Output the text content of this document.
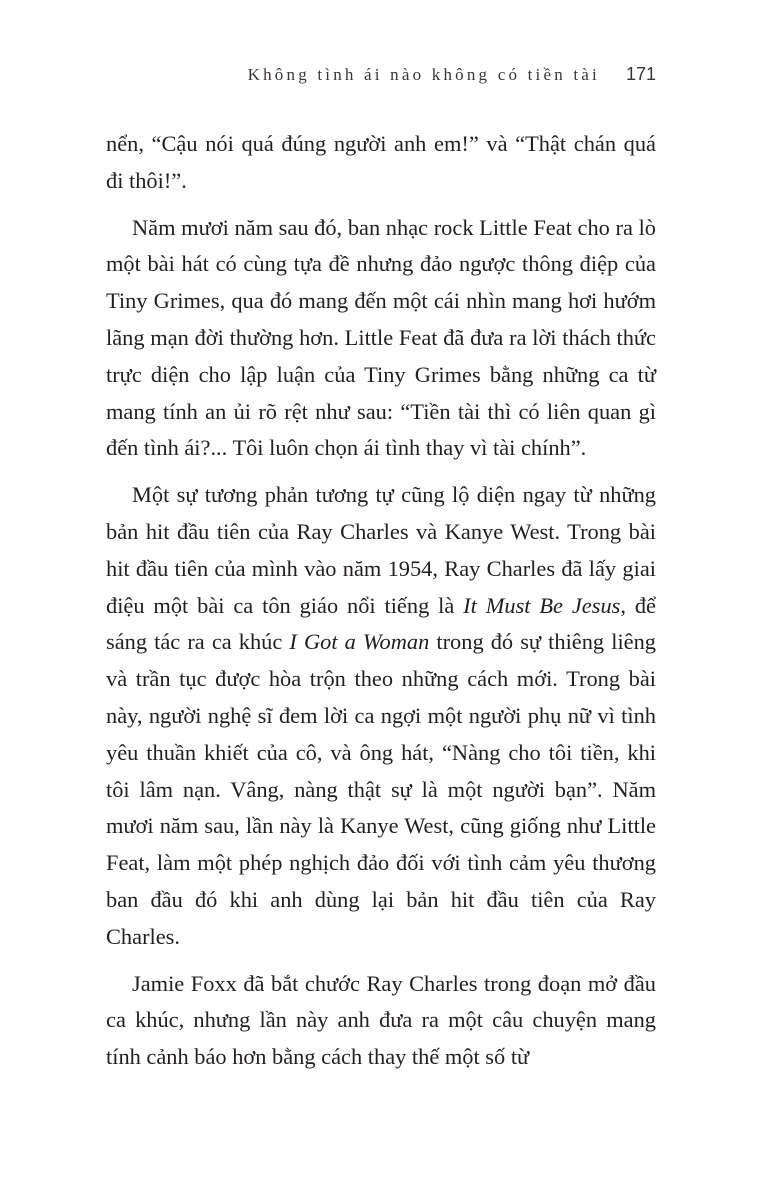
Không tình ái nào không có tiền tài 171

nển, “Cậu nói quá đúng người anh em!” và “Thật chán quá đi thôi!”.

Năm mươi năm sau đó, ban nhạc rock Little Feat cho ra lò một bài hát có cùng tựa đề nhưng đảo ngược thông điệp của Tiny Grimes, qua đó mang đến một cái nhìn mang hơi hướm lãng mạn đời thường hơn. Little Feat đã đưa ra lời thách thức trực diện cho lập luận của Tiny Grimes bằng những ca từ mang tính an ủi rõ rệt như sau: “Tiền tài thì có liên quan gì đến tình ái?... Tôi luôn chọn ái tình thay vì tài chính”.

Một sự tương phản tương tự cũng lộ diện ngay từ những bản hit đầu tiên của Ray Charles và Kanye West. Trong bài hit đầu tiên của mình vào năm 1954, Ray Charles đã lấy giai điệu một bài ca tôn giáo nổi tiếng là It Must Be Jesus, để sáng tác ra ca khúc I Got a Woman trong đó sự thiêng liêng và trần tục được hòa trộn theo những cách mới. Trong bài này, người nghệ sĩ đem lời ca ngợi một người phụ nữ vì tình yêu thuần khiết của cô, và ông hát, “Nàng cho tôi tiền, khi tôi lâm nạn. Vâng, nàng thật sự là một người bạn”. Năm mươi năm sau, lần này là Kanye West, cũng giống như Little Feat, làm một phép nghịch đảo đối với tình cảm yêu thương ban đầu đó khi anh dùng lại bản hit đầu tiên của Ray Charles.

Jamie Foxx đã bắt chước Ray Charles trong đoạn mở đầu ca khúc, nhưng lần này anh đưa ra một câu chuyện mang tính cảnh báo hơn bằng cách thay thế một số từ
